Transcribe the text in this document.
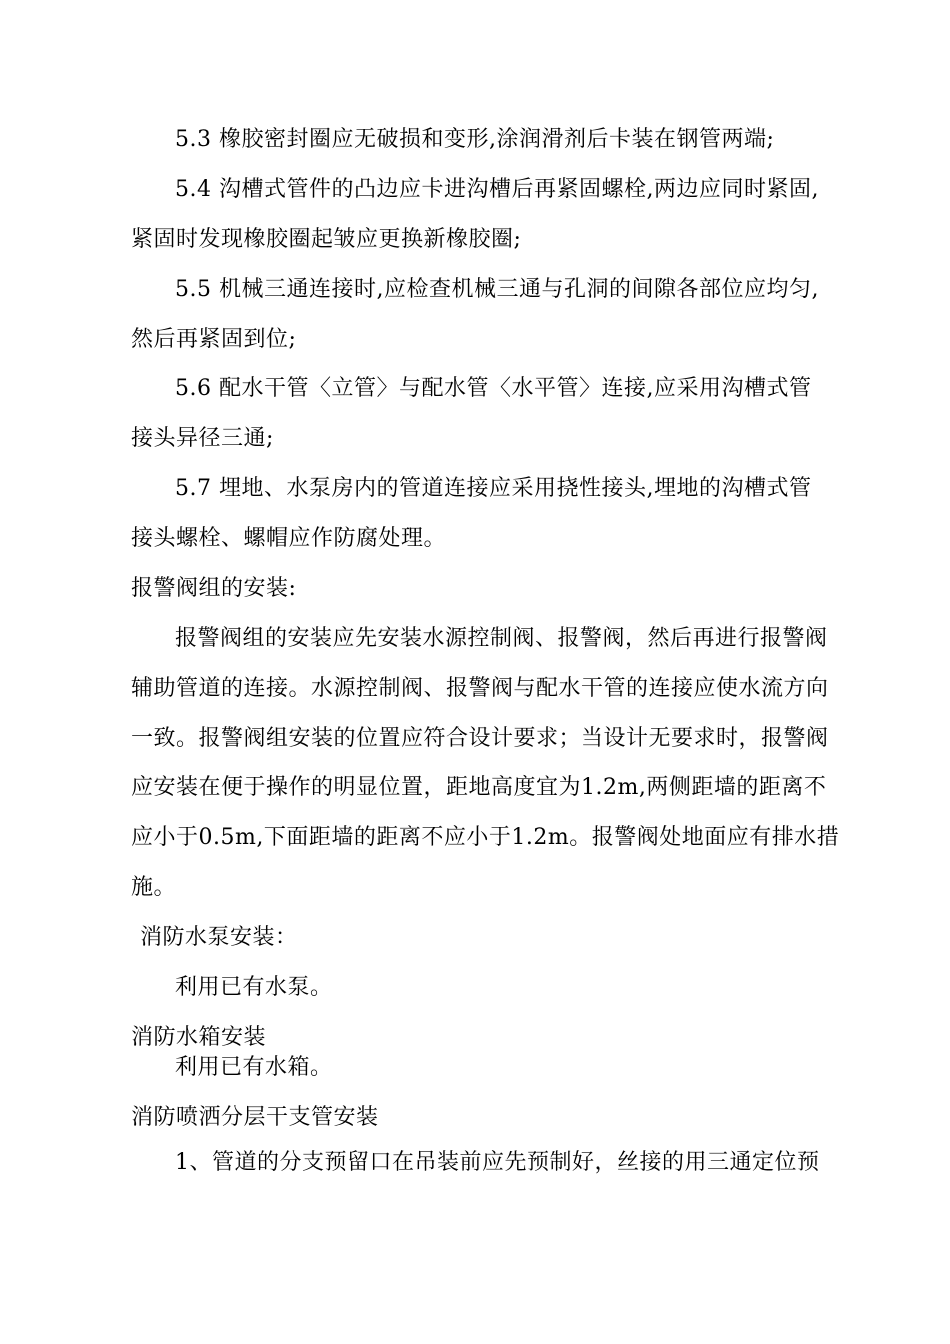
5.3 橡胶密封圈应无破损和变形,涂润滑剂后卡装在钢管两端;
5.4 沟槽式管件的凸边应卡进沟槽后再紧固螺栓,两边应同时紧固,
紧固时发现橡胶圈起皱应更换新橡胶圈;
5.5 机械三通连接时,应检查机械三通与孔洞的间隙各部位应均匀,
然后再紧固到位;
5.6 配水干管〈立管〉与配水管〈水平管〉连接,应采用沟槽式管
接头异径三通;
5.7 埋地、水泵房内的管道连接应采用挠性接头,埋地的沟槽式管
接头螺栓、螺帽应作防腐处理。
报警阀组的安装:
报警阀组的安装应先安装水源控制阀、报警阀，然后再进行报警阀
辅助管道的连接。水源控制阀、报警阀与配水干管的连接应使水流方向
一致。报警阀组安装的位置应符合设计要求；当设计无要求时，报警阀
应安装在便于操作的明显位置，距地高度宜为1.2m,两侧距墙的距离不
应小于0.5m,下面距墙的距离不应小于1.2m。报警阀处地面应有排水措
施。
消防水泵安装：
利用已有水泵。
消防水箱安装
利用已有水箱。
消防喷洒分层干支管安装
1、管道的分支预留口在吊装前应先预制好，丝接的用三通定位预
